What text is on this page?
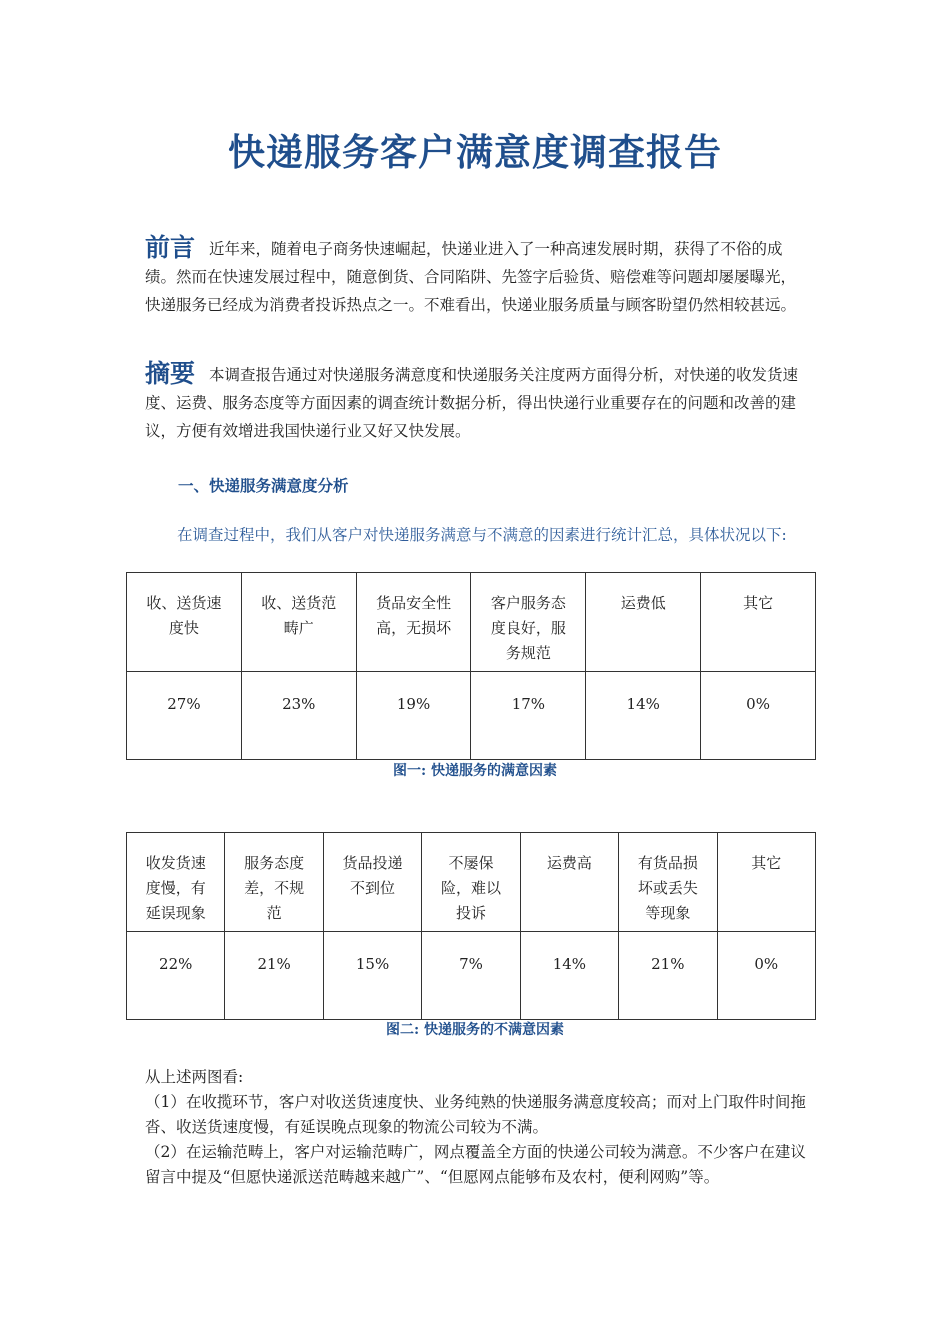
快递服务客户满意度调查报告

前言 近年来，随着电子商务快速崛起，快递业进入了一种高速发展时期，获得了不俗的成绩。然而在快速发展过程中，随意倒货、合同陷阱、先签字后验货、赔偿难等问题却屡屡曝光，快递服务已经成为消费者投诉热点之一。不难看出，快递业服务质量与顾客盼望仍然相较甚远。

摘要 本调查报告通过对快递服务满意度和快递服务关注度两方面得分析，对快递的收发货速度、运费、服务态度等方面因素的调查统计数据分析，得出快递行业重要存在的问题和改善的建议，方便有效增进我国快递行业又好又快发展。

一、快递服务满意度分析

在调查过程中，我们从客户对快递服务满意与不满意的因素进行统计汇总，具体状况以下:

收、送货速度快	收、送货范畴广	货品安全性高，无损坏	客户服务态度良好，服务规范	运费低	其它
27%	23%	19%	17%	14%	0%

图一: 快递服务的满意因素

收发货速度慢，有延误现象	服务态度差，不规范	货品投递不到位	不屡保险，难以投诉	运费高	有货品损坏或丢失等现象	其它
22%	21%	15%	7%	14%	21%	0%

图二: 快递服务的不满意因素

从上述两图看:

（1）在收揽环节，客户对收送货速度快、业务纯熟的快递服务满意度较高；而对上门取件时间拖沓、收送货速度慢，有延误晚点现象的物流公司较为不满。

（2）在运输范畴上，客户对运输范畴广，网点覆盖全方面的快递公司较为满意。不少客户在建议留言中提及“但愿快递派送范畴越来越广”、“但愿网点能够布及农村，便利网购”等。
